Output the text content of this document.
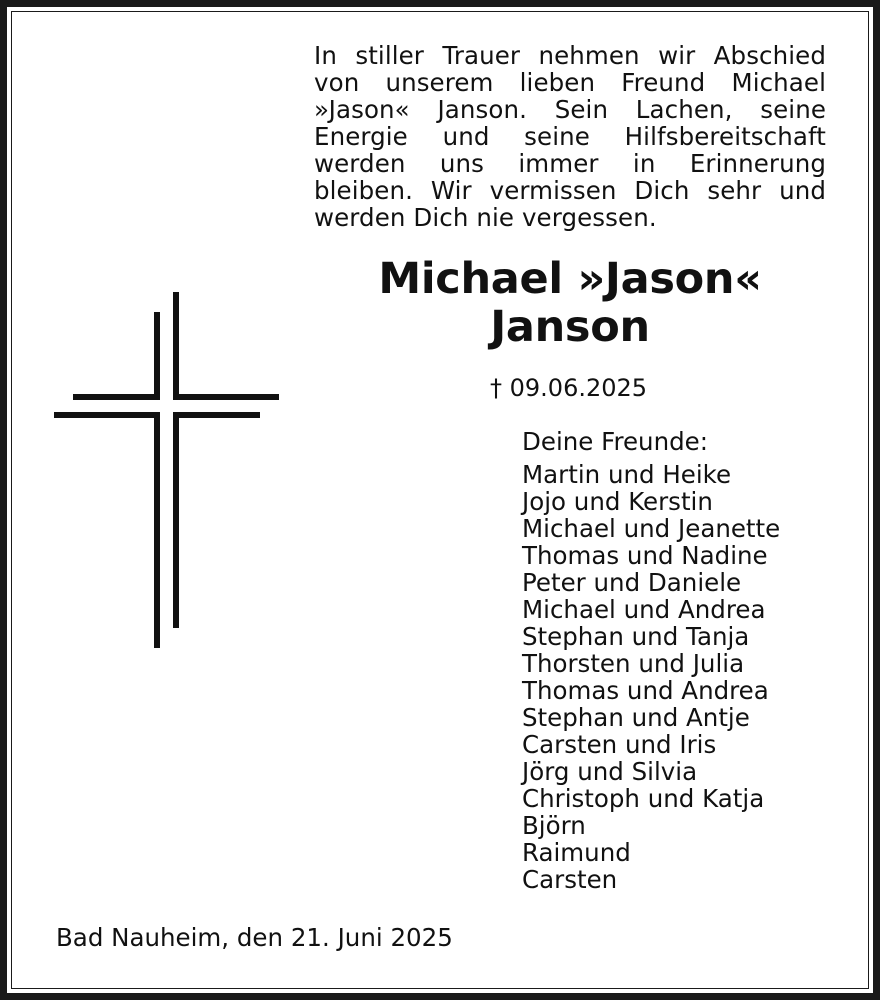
In stiller Trauer nehmen wir Abschied von unserem lieben Freund Michael »Jason« Janson. Sein Lachen, seine Energie und seine Hilfsbereitschaft werden uns immer in Erinnerung bleiben. Wir vermissen Dich sehr und werden Dich nie vergessen.
Michael »Jason«
Janson
† 09.06.2025
Deine Freunde:
Martin und Heike
Jojo und Kerstin
Michael und Jeanette
Thomas und Nadine
Peter und Daniele
Michael und Andrea
Stephan und Tanja
Thorsten und Julia
Thomas und Andrea
Stephan und Antje
Carsten und Iris
Jörg und Silvia
Christoph und Katja
Björn
Raimund
Carsten
Bad Nauheim, den 21. Juni 2025
